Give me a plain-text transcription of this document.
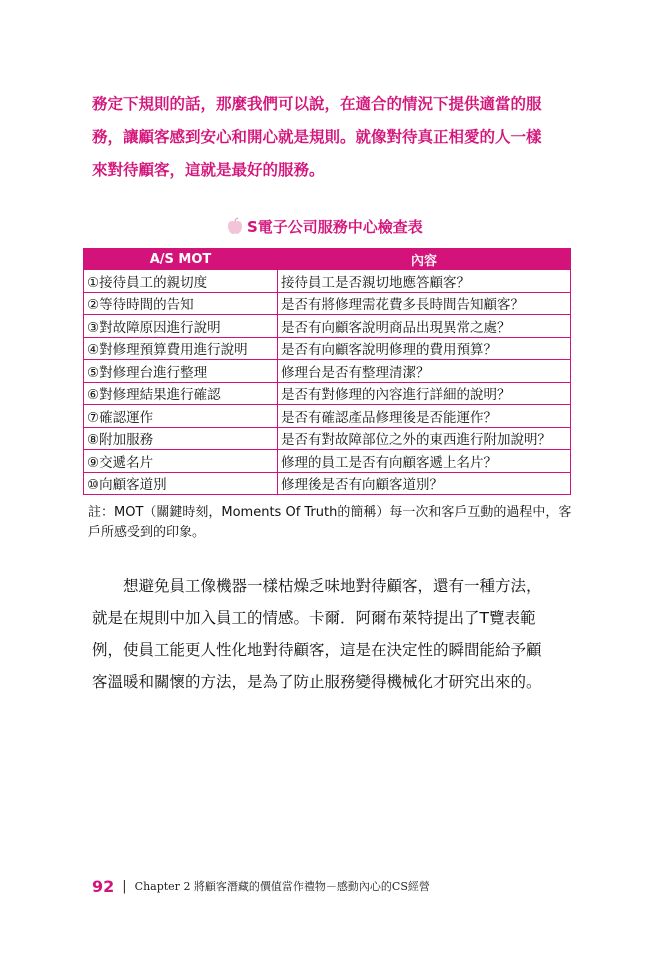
務定下規則的話，那麼我們可以說，在適合的情況下提供適當的服

務，讓顧客感到安心和開心就是規則。就像對待真正相愛的人一樣

來對待顧客，這就是最好的服務。

S電子公司服務中心檢查表
A/S MOT	內容
①接待員工的親切度	接待員工是否親切地應答顧客？
②等待時間的告知	是否有將修理需花費多長時間告知顧客？
③對故障原因進行說明	是否有向顧客說明商品出現異常之處？
④對修理預算費用進行說明	是否有向顧客說明修理的費用預算？
⑤對修理台進行整理	修理台是否有整理清潔？
⑥對修理結果進行確認	是否有對修理的內容進行詳細的說明？
⑦確認運作	是否有確認產品修理後是否能運作？
⑧附加服務	是否有對故障部位之外的東西進行附加說明？
⑨交遞名片	修理的員工是否有向顧客遞上名片？
⑩向顧客道別	修理後是否有向顧客道別？
註：MOT（關鍵時刻，Moments Of Truth的簡稱）每一次和客戶互動的過程中，客戶所感受到的印象。

　　想避免員工像機器一樣枯燥乏味地對待顧客，還有一種方法，

就是在規則中加入員工的情感。卡爾．阿爾布萊特提出了T覽表範

例，使員工能更人性化地對待顧客，這是在決定性的瞬間能給予顧

客溫暖和關懷的方法，是為了防止服務變得機械化才研究出來的。

92 | Chapter 2 將顧客潛藏的價值當作禮物－感動內心的CS經營
